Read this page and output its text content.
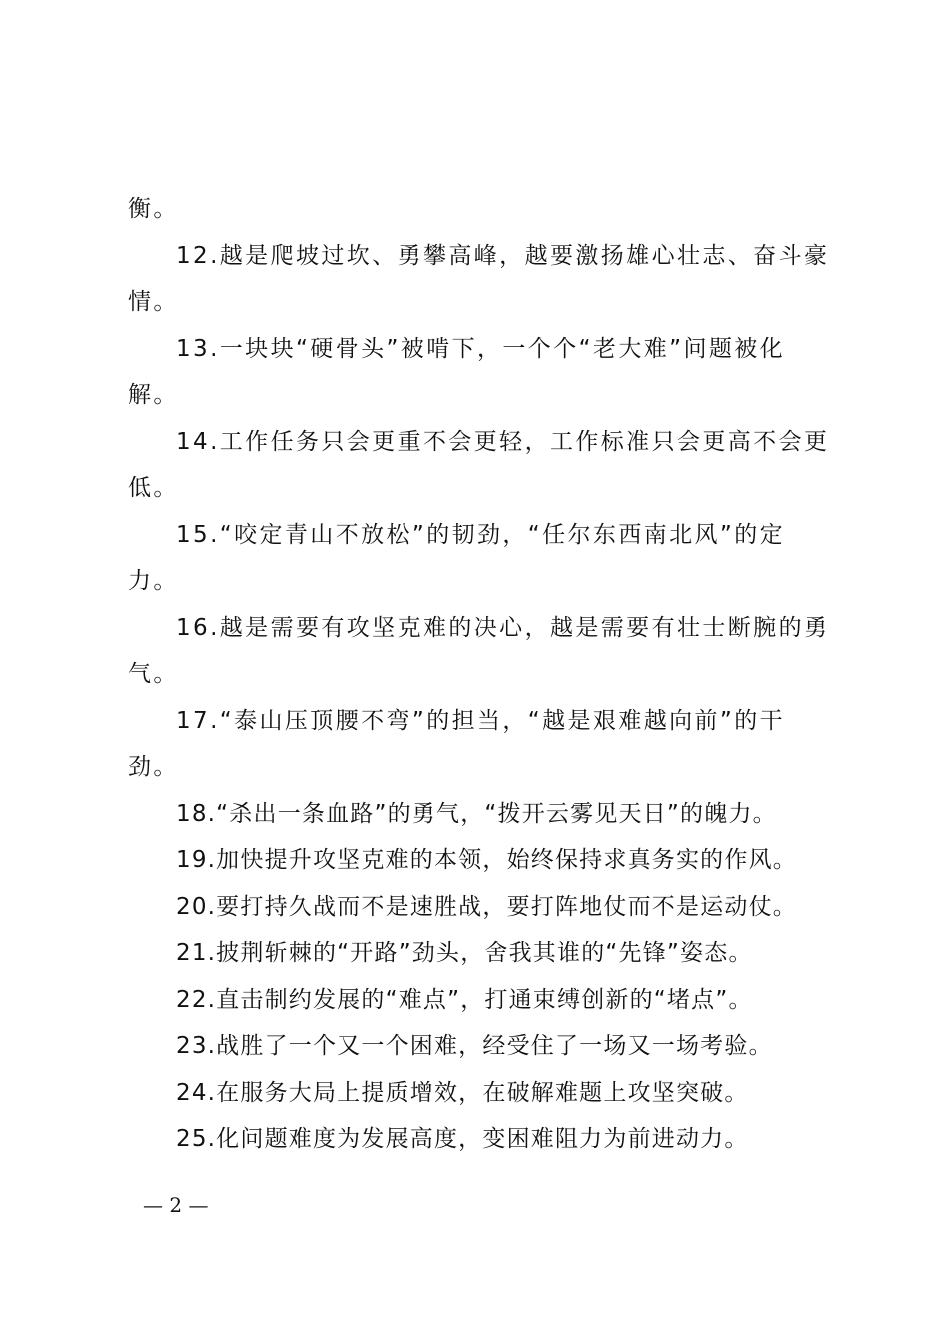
衡。
12.越是爬坡过坎、勇攀高峰，越要激扬雄心壮志、奋斗豪
情。
13.一块块“硬骨头”被啃下，一个个“老大难”问题被化
解。
14.工作任务只会更重不会更轻，工作标准只会更高不会更
低。
15.“咬定青山不放松”的韧劲，“任尔东西南北风”的定
力。
16.越是需要有攻坚克难的决心，越是需要有壮士断腕的勇
气。
17.“泰山压顶腰不弯”的担当，“越是艰难越向前”的干
劲。
18.“杀出一条血路”的勇气，“拨开云雾见天日”的魄力。
19.加快提升攻坚克难的本领，始终保持求真务实的作风。
20.要打持久战而不是速胜战，要打阵地仗而不是运动仗。
21.披荆斩棘的“开路”劲头，舍我其谁的“先锋”姿态。
22.直击制约发展的“难点”，打通束缚创新的“堵点”。
23.战胜了一个又一个困难，经受住了一场又一场考验。
24.在服务大局上提质增效，在破解难题上攻坚突破。
25.化问题难度为发展高度，变困难阻力为前进动力。
— 2 —
